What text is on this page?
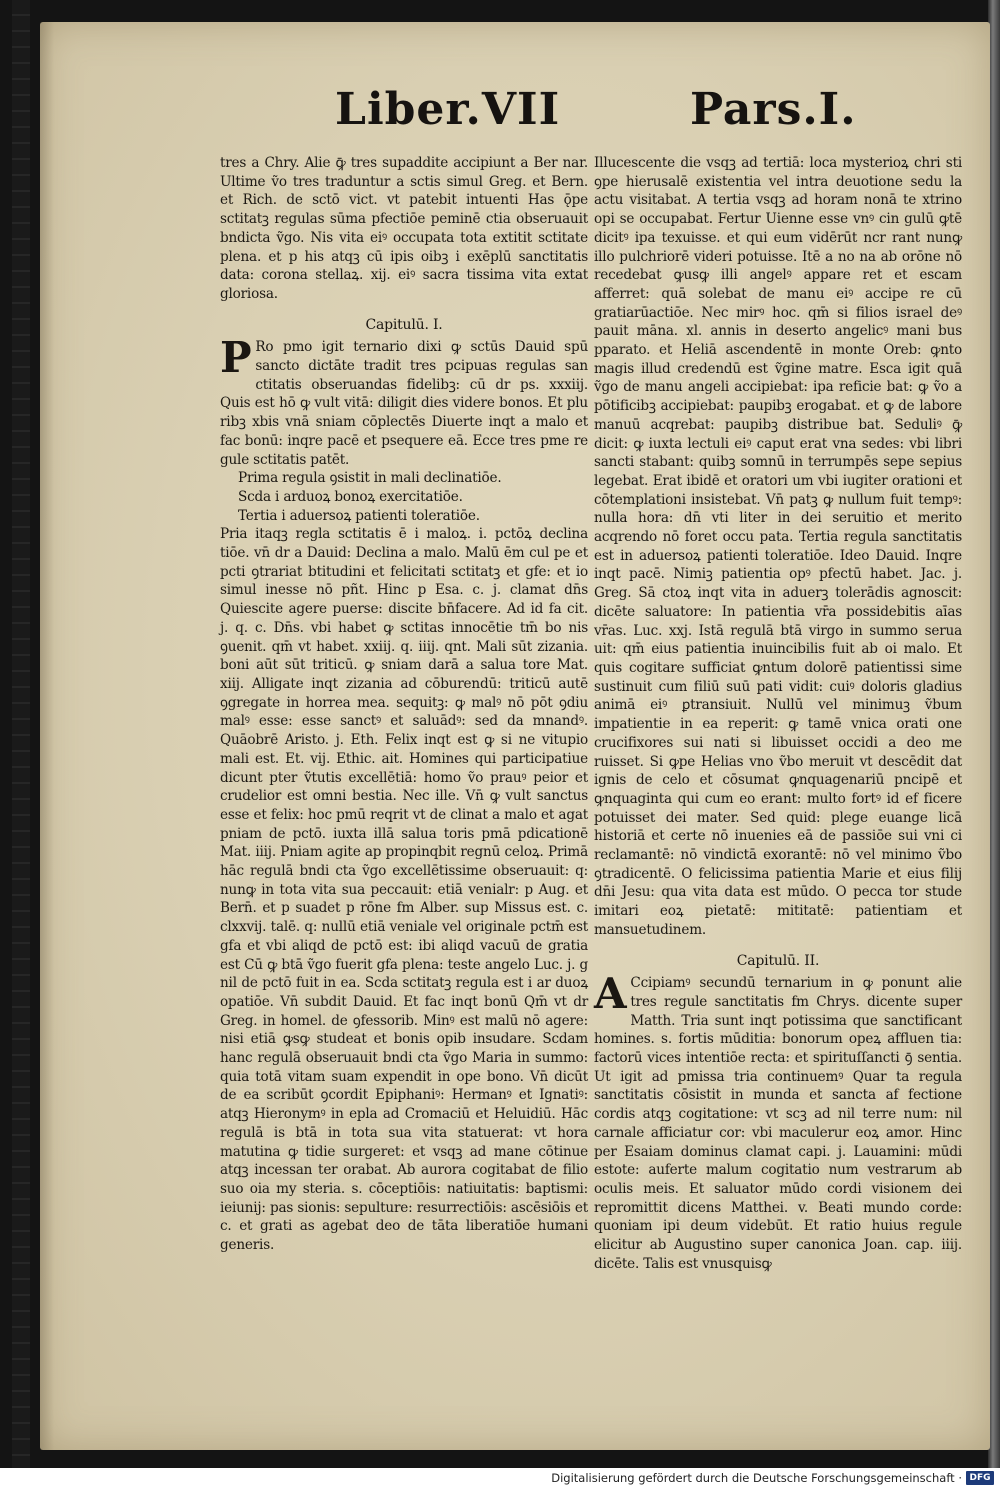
Liber.VII	Pars.I.

tres a Chry. Alie ꝙ̄ tres supaddite accipiunt a Ber nar. Ultime ṽo tres traduntur a sctis simul Greg. et Bern. et Rich. de sctō vict. vt patebit intuenti Has ǭpe sctitatꝫ regulas sūma pfectiōe peminē ctia obseruauit bndicta ṽgo. Nis vita eiꝰ occupata tota extitit sctitate plena. et p his atqꝫ cū ipis oibꝫ i exēplū sanctitatis data: corona stellaꝝ. xij. eiꝰ sacra tissima vita extat gloriosa.

Capitulū. I.

PRo pmo igit ternario dixi ꝙ sctūs Dauid spū sancto dictāte tradit tres pcipuas regulas san ctitatis obseruandas fidelibꝫ: cū dr ps. xxxiij. Quis est hō ꝙ vult vitā: diligit dies videre bonos. Et plu ribꝫ xbis vnā sniam cōplectēs Diuerte inqt a malo et fac bonū: inqre pacē et psequere eā. Ecce tres pme re gule sctitatis patēt.

Prima regula ꝯsistit in mali declinatiōe.

Scda i arduoꝝ bonoꝝ exercitatiōe.

Tertia i aduersoꝝ patienti toleratiōe.

Pria itaqꝫ regla sctitatis ē i maloꝝ. i. pctōꝝ declina tiōe. vn̄ dr a Dauid: Declina a malo. Malū ēm cul pe et pcti ꝯtrariat btitudini et felicitati sctitatꝫ et gfe: et io simul inesse nō pñt. Hinc p Esa. c. j. clamat dn̄s Quiescite agere puerse: discite bn̄facere. Ad id fa cit. j. q. c. Dn̄s. vbi habet ꝙ sctitas innocētie tm̄ bo nis ꝯuenit. qm̄ vt habet. xxiij. q. iiij. qnt. Mali sūt zizania. boni aūt sūt triticū. ꝙ sniam darā a salua tore Mat. xiij. Alligate inqt zizania ad cōburendū: triticū autē ꝯgregate in horrea mea. sequitꝫ: ꝙ malꝰ nō pōt ꝯdiu malꝰ esse: esse sanctꝰ et saluādꝰ: sed da mnandꝰ. Quāobrē Aristo. j. Eth. Felix inqt est ꝙ si ne vitupio mali est. Et. vij. Ethic. ait. Homines qui participatiue dicunt pter ṽtutis excellētiā: homo ṽo prauꝰ peior et crudelior est omni bestia. Nec ille. Vn̄ ꝙ vult sanctus esse et felix: hoc pmū reqrit vt de clinat a malo et agat pniam de pctō. iuxta illā salua toris pmā pdicationē Mat. iiij. Pniam agite ap propinqbit regnū celoꝝ. Primā hāc regulā bndi cta ṽgo excellētissime obseruauit: q: nunꝙ in tota vita sua peccauit: etiā venialr: p Aug. et Bern̄. et p suadet p rōne fm Alber. sup Missus est. c. clxxvij. talē. q: nullū etiā veniale vel originale pctm̄ est gfa et vbi aliqd de pctō est: ibi aliqd vacuū de gratia est Cū ꝙ btā ṽgo fuerit gfa plena: teste angelo Luc. j. g nil de pctō fuit in ea. Scda sctitatꝫ regula est i ar duoꝝ opatiōe. Vn̄ subdit Dauid. Et fac inqt bonū Qm̄ vt dr Greg. in homel. de ꝯfessorib. Minꝰ est malū nō agere: nisi etiā ꝙsꝙ studeat et bonis opib insudare. Scdam hanc regulā obseruauit bndi cta ṽgo Maria in summo: quia totā vitam suam expendit in ope bono. Vn̄ dicūt de ea scribūt ꝯcordit Epiphaniꝰ: Hermanꝰ et Ignatiꝰ: atqꝫ Hieronymꝰ in epla ad Cromaciū et Heluidiū. Hāc regulā is btā in tota sua vita statuerat: vt hora matutina ꝙ tidie surgeret: et vsqꝫ ad mane cōtinue atqꝫ incessan ter orabat. Ab aurora cogitabat de filio suo oia my steria. s. cōceptiōis: natiuitatis: baptismi: ieiunij: pas sionis: sepulture: resurrectiōis: ascēsiōis et c. et grati as agebat deo de tāta liberatiōe humani generis.

Illucescente die vsqꝫ ad tertiā: loca mysterioꝝ chri sti ꝯpe hierusalē existentia vel intra deuotione sedu la actu visitabat. A tertia vsqꝫ ad horam nonā te xtrino opi se occupabat. Fertur Uienne esse vnꝰ cin gulū ꝙtē dicitꝰ ipa texuisse. et qui eum vidērūt ncr rant nunꝙ illo pulchriorē videri potuisse. Itē a no na ab orōne nō recedebat ꝙusꝙ illi angelꝰ appare ret et escam afferret: quā solebat de manu eiꝰ accipe re cū gratiarūactiōe. Nec mirꝰ hoc. qm̄ si filios israel deꝰ pauit māna. xl. annis in deserto angelicꝰ mani bus pparato. et Heliā ascendentē in monte Oreb: ꝙnto magis illud credendū est ṽgine matre. Esca igit quā ṽgo de manu angeli accipiebat: ipa reficie bat: ꝙ ṽo a pōtificibꝫ accipiebat: paupibꝫ erogabat. et ꝙ de labore manuū acqrebat: paupibꝫ distribue bat. Seduliꝰ ꝙ̄ dicit: ꝙ iuxta lectuli eiꝰ caput erat vna sedes: vbi libri sancti stabant: quibꝫ somnū in terrumpēs sepe sepius legebat. Erat ibidē et oratori um vbi iugiter orationi et cōtemplationi insistebat. Vn̄ patꝫ ꝙ nullum fuit tempꝰ: nulla hora: dn̄ vti liter in dei seruitio et merito acqrendo nō foret occu pata. Tertia regula sanctitatis est in aduersoꝝ patienti toleratiōe. Ideo Dauid. Inqre inqt pacē. Nimiꝫ patientia opꝰ pfectū habet. Jac. j. Greg. Sā ctoꝝ inqt vita in aduerꝫ tolerādis agnoscit: dicēte saluatore: In patientia vr̄a possidebitis aīas vr̄as. Luc. xxj. Istā regulā btā virgo in summo serua uit: qm̄ eius patientia inuincibilis fuit ab oi malo. Et quis cogitare sufficiat ꝙntum dolorē patientissi sime sustinuit cum filiū suū pati vidit: cuiꝰ doloris gladius animā eiꝰ ꝑtransiuit. Nullū vel minimuꝫ ṽbum impatientie in ea reperit: ꝙ tamē vnica orati one crucifixores sui nati si libuisset occidi a deo me ruisset. Si ꝙpe Helias vno ṽbo meruit vt descēdit dat ignis de celo et cōsumat ꝙnquagenariū pncipē et ꝙnquaginta qui cum eo erant: multo fortꝰ id ef ficere potuisset dei mater. Sed quid: plege euange licā historiā et certe nō inuenies eā de passiōe sui vni ci reclamantē: nō vindictā exorantē: nō vel minimo ṽbo ꝯtradicentē. O felicissima patientia Marie et eius filij dn̄i Jesu: qua vita data est mūdo. O pecca tor stude imitari eoꝝ pietatē: mititatē: patientiam et mansuetudinem.

Capitulū. II.

ACcipiamꝰ secundū ternarium in ꝙ ponunt alie tres regule sanctitatis fm Chrys. dicente super Matth. Tria sunt inqt potissima que sanctificant homines. s. fortis mūditia: bonorum opeꝝ affluen tia: factorū vices intentiōe recta: et spirituſſancti ꝯ̄ sentia. Ut igit ad pmissa tria continuemꝰ Quar ta regula sanctitatis cōsistit in munda et sancta af fectione cordis atqꝫ cogitatione: vt scꝫ ad nil terre num: nil carnale afficiatur cor: vbi maculerur eoꝝ amor. Hinc per Esaiam dominus clamat capi. j. Lauamini: mūdi estote: auferte malum cogitatio num vestrarum ab oculis meis. Et saluator mūdo cordi visionem dei repromittit dicens Matthei. v. Beati mundo corde: quoniam ipi deum videbūt. Et ratio huius regule elicitur ab Augustino super canonica Joan. cap. iiij. dicēte. Talis est vnusquisꝙ

Digitalisierung gefördert durch die Deutsche Forschungsgemeinschaft · DFG
